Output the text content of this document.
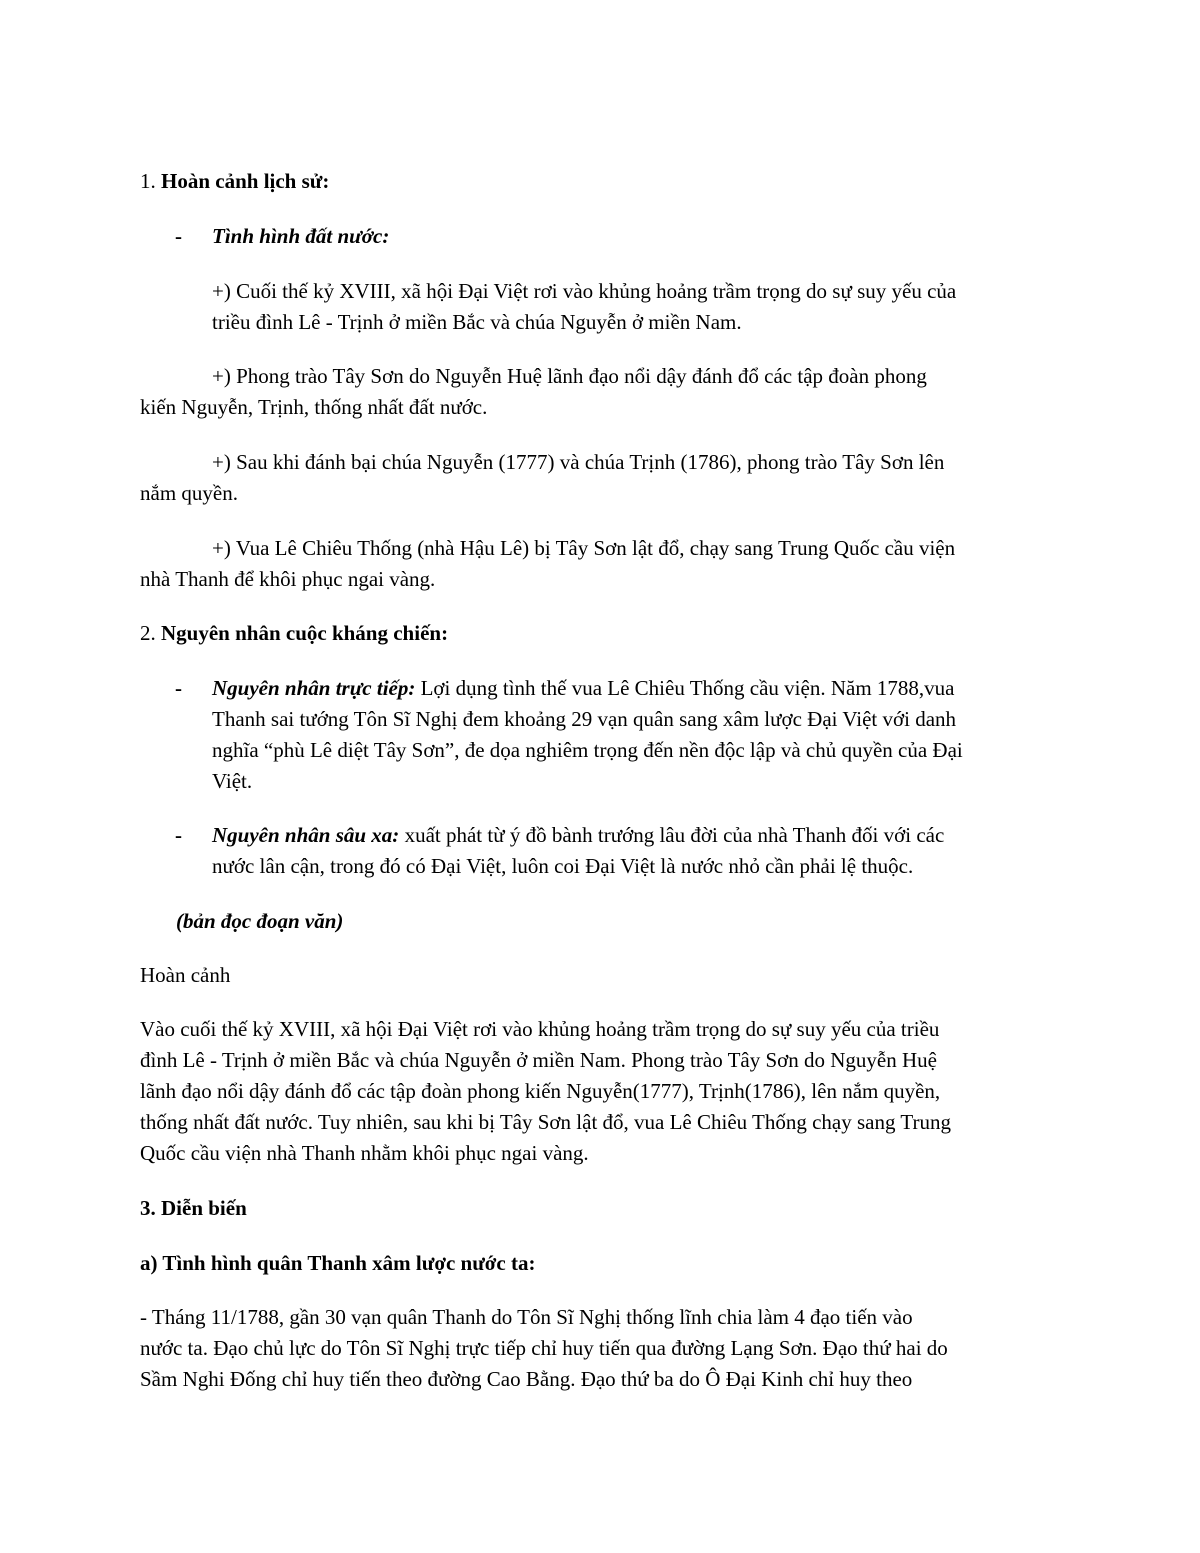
1. Hoàn cảnh lịch sử:
- Tình hình đất nước:
+) Cuối thế kỷ XVIII, xã hội Đại Việt rơi vào khủng hoảng trầm trọng do sự suy yếu của
triều đình Lê - Trịnh ở miền Bắc và chúa Nguyễn ở miền Nam.
+) Phong trào Tây Sơn do Nguyễn Huệ lãnh đạo nổi dậy đánh đổ các tập đoàn phong
kiến Nguyễn, Trịnh, thống nhất đất nước.
+) Sau khi đánh bại chúa Nguyễn (1777) và chúa Trịnh (1786), phong trào Tây Sơn lên
nắm quyền.
+) Vua Lê Chiêu Thống (nhà Hậu Lê) bị Tây Sơn lật đổ, chạy sang Trung Quốc cầu viện
nhà Thanh để khôi phục ngai vàng.
2. Nguyên nhân cuộc kháng chiến:
- Nguyên nhân trực tiếp: Lợi dụng tình thế vua Lê Chiêu Thống cầu viện. Năm 1788,vua
Thanh sai tướng Tôn Sĩ Nghị đem khoảng 29 vạn quân sang xâm lược Đại Việt với danh
nghĩa “phù Lê diệt Tây Sơn”, đe dọa nghiêm trọng đến nền độc lập và chủ quyền của Đại
Việt.
- Nguyên nhân sâu xa: xuất phát từ ý đồ bành trướng lâu đời của nhà Thanh đối với các
nước lân cận, trong đó có Đại Việt, luôn coi Đại Việt là nước nhỏ cần phải lệ thuộc.
(bản đọc đoạn văn)
Hoàn cảnh
Vào cuối thế kỷ XVIII, xã hội Đại Việt rơi vào khủng hoảng trầm trọng do sự suy yếu của triều
đình Lê - Trịnh ở miền Bắc và chúa Nguyễn ở miền Nam. Phong trào Tây Sơn do Nguyễn Huệ
lãnh đạo nổi dậy đánh đổ các tập đoàn phong kiến Nguyễn(1777), Trịnh(1786), lên nắm quyền,
thống nhất đất nước. Tuy nhiên, sau khi bị Tây Sơn lật đổ, vua Lê Chiêu Thống chạy sang Trung
Quốc cầu viện nhà Thanh nhằm khôi phục ngai vàng.
3. Diễn biến
a) Tình hình quân Thanh xâm lược nước ta:
- Tháng 11/1788, gần 30 vạn quân Thanh do Tôn Sĩ Nghị thống lĩnh chia làm 4 đạo tiến vào
nước ta. Đạo chủ lực do Tôn Sĩ Nghị trực tiếp chỉ huy tiến qua đường Lạng Sơn. Đạo thứ hai do
Sầm Nghi Đống chỉ huy tiến theo đường Cao Bằng. Đạo thứ ba do Ô Đại Kinh chỉ huy theo
